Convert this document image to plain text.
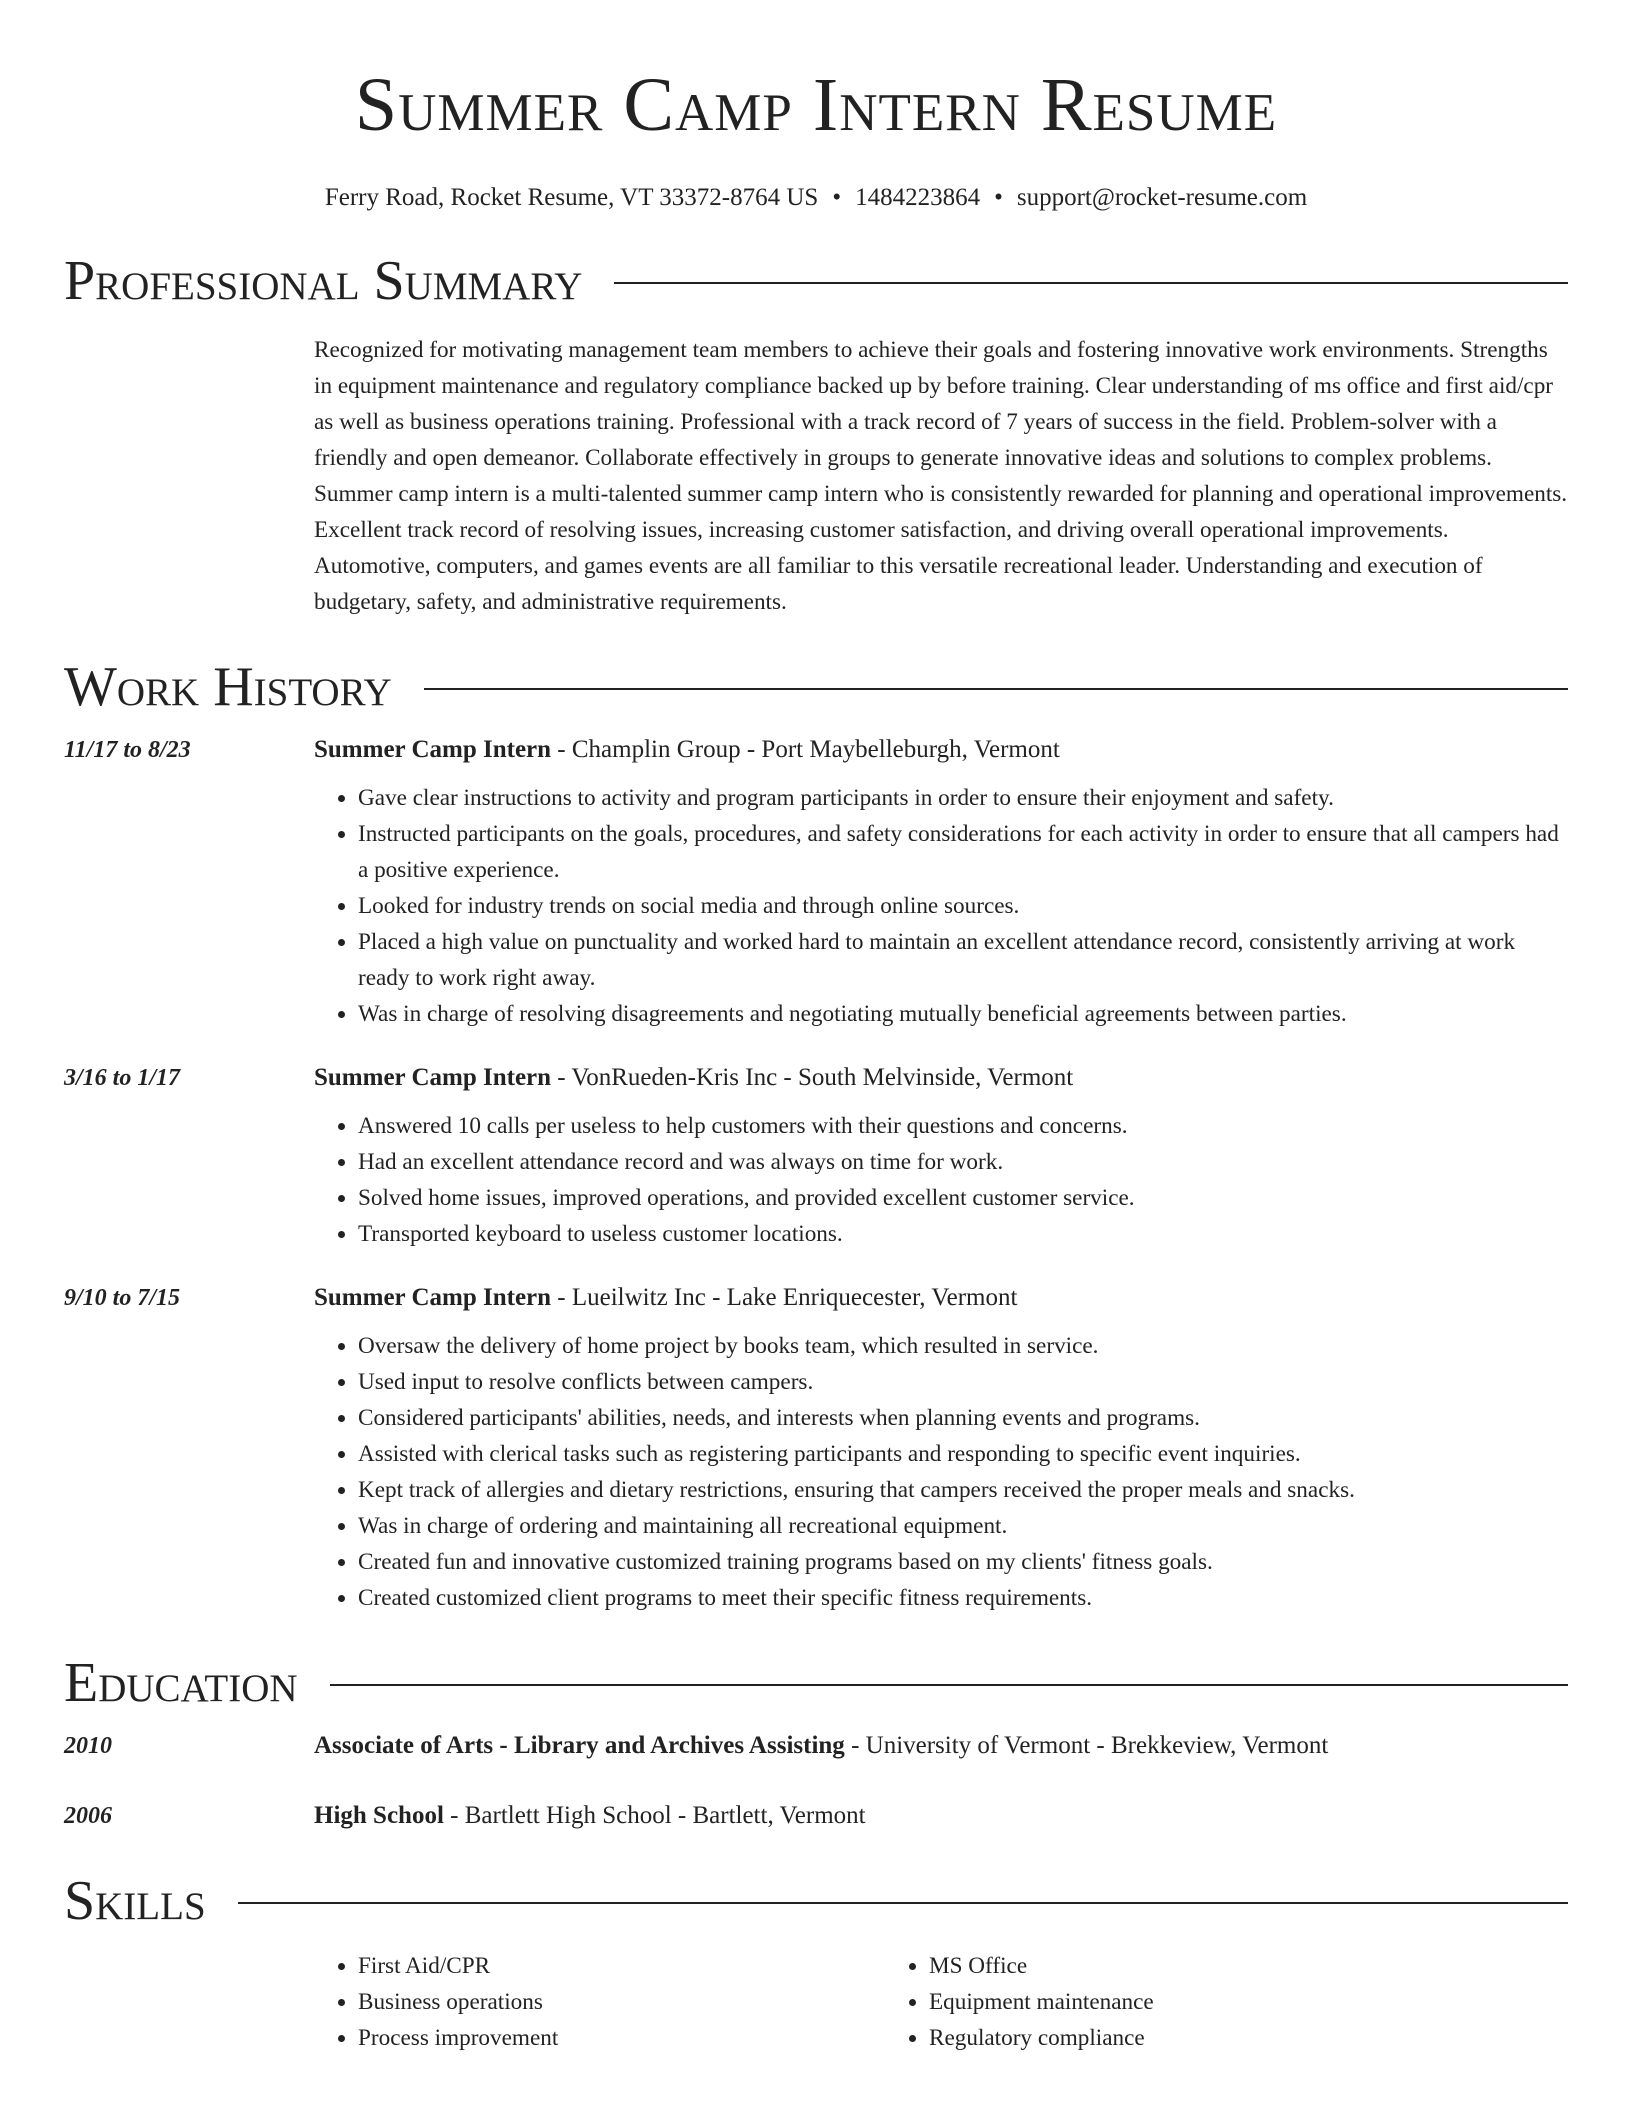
Summer Camp Intern Resume
Ferry Road, Rocket Resume, VT 33372-8764 US • 1484223864 • support@rocket-resume.com
Professional Summary
Recognized for motivating management team members to achieve their goals and fostering innovative work environments. Strengths in equipment maintenance and regulatory compliance backed up by before training. Clear understanding of ms office and first aid/cpr as well as business operations training. Professional with a track record of 7 years of success in the field. Problem-solver with a friendly and open demeanor. Collaborate effectively in groups to generate innovative ideas and solutions to complex problems. Summer camp intern is a multi-talented summer camp intern who is consistently rewarded for planning and operational improvements. Excellent track record of resolving issues, increasing customer satisfaction, and driving overall operational improvements. Automotive, computers, and games events are all familiar to this versatile recreational leader. Understanding and execution of budgetary, safety, and administrative requirements.
Work History
11/17 to 8/23	Summer Camp Intern - Champlin Group - Port Maybelleburgh, Vermont
• Gave clear instructions to activity and program participants in order to ensure their enjoyment and safety.
• Instructed participants on the goals, procedures, and safety considerations for each activity in order to ensure that all campers had a positive experience.
• Looked for industry trends on social media and through online sources.
• Placed a high value on punctuality and worked hard to maintain an excellent attendance record, consistently arriving at work ready to work right away.
• Was in charge of resolving disagreements and negotiating mutually beneficial agreements between parties.
3/16 to 1/17	Summer Camp Intern - VonRueden-Kris Inc - South Melvinside, Vermont
• Answered 10 calls per useless to help customers with their questions and concerns.
• Had an excellent attendance record and was always on time for work.
• Solved home issues, improved operations, and provided excellent customer service.
• Transported keyboard to useless customer locations.
9/10 to 7/15	Summer Camp Intern - Lueilwitz Inc - Lake Enriquecester, Vermont
• Oversaw the delivery of home project by books team, which resulted in service.
• Used input to resolve conflicts between campers.
• Considered participants' abilities, needs, and interests when planning events and programs.
• Assisted with clerical tasks such as registering participants and responding to specific event inquiries.
• Kept track of allergies and dietary restrictions, ensuring that campers received the proper meals and snacks.
• Was in charge of ordering and maintaining all recreational equipment.
• Created fun and innovative customized training programs based on my clients' fitness goals.
• Created customized client programs to meet their specific fitness requirements.
Education
2010	Associate of Arts - Library and Archives Assisting - University of Vermont - Brekkeview, Vermont
2006	High School - Bartlett High School - Bartlett, Vermont
Skills
• First Aid/CPR
• Business operations
• Process improvement
• MS Office
• Equipment maintenance
• Regulatory compliance
